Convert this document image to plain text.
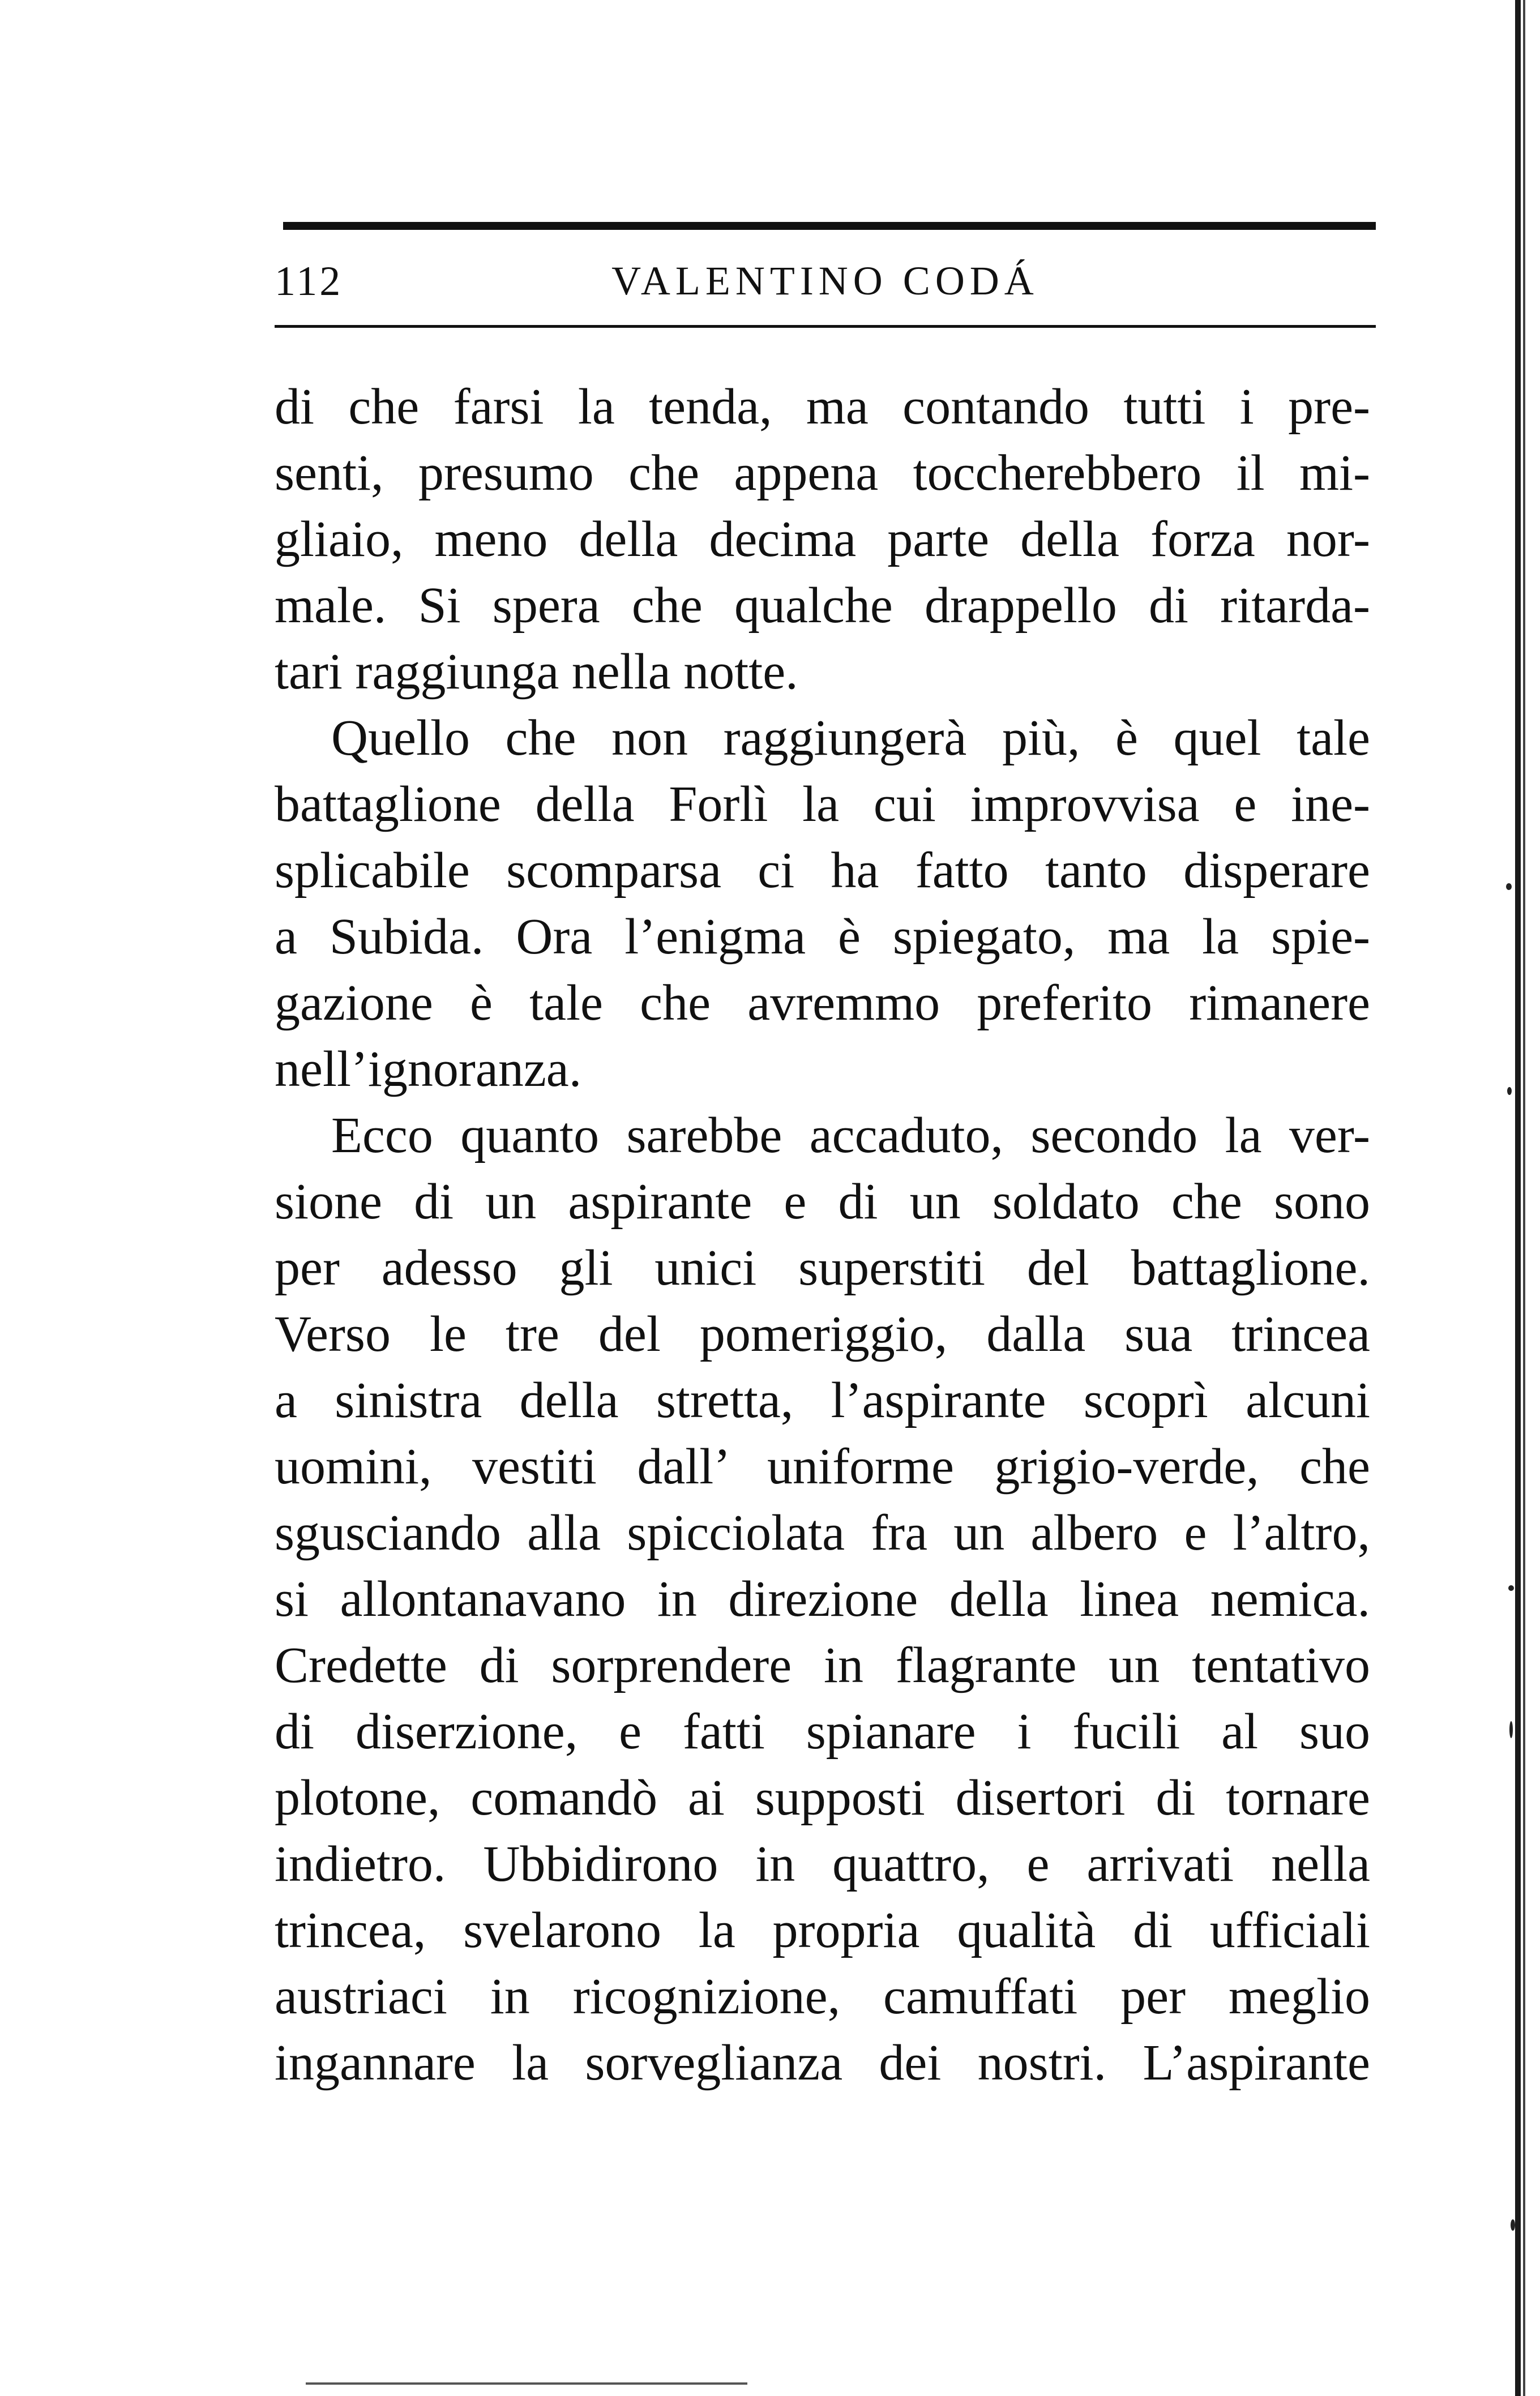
VALENTINO CODÁ
112
di che farsi la tenda, ma contando tutti i pre-
senti, presumo che appena toccherebbero il mi-
gliaio, meno della decima parte della forza nor-
male. Si spera che qualche drappello di ritarda-
tari raggiunga nella notte.
Quello che non raggiungerà più, è quel tale
battaglione della Forlì la cui improvvisa e ine-
splicabile scomparsa ci ha fatto tanto disperare
a Subida. Ora l’enigma è spiegato, ma la spie-
gazione è tale che avremmo preferito rimanere
nell’ignoranza.
Ecco quanto sarebbe accaduto, secondo la ver-
sione di un aspirante e di un soldato che sono
per adesso gli unici superstiti del battaglione.
Verso le tre del pomeriggio, dalla sua trincea
a sinistra della stretta, l’aspirante scoprì alcuni
uomini, vestiti dall’ uniforme grigio-verde, che
sgusciando alla spicciolata fra un albero e l’altro,
si allontanavano in direzione della linea nemica.
Credette di sorprendere in flagrante un tentativo
di diserzione, e fatti spianare i fucili al suo
plotone, comandò ai supposti disertori di tornare
indietro. Ubbidirono in quattro, e arrivati nella
trincea, svelarono la propria qualità di ufficiali
austriaci in ricognizione, camuffati per meglio
ingannare la sorveglianza dei nostri. L’aspirante
